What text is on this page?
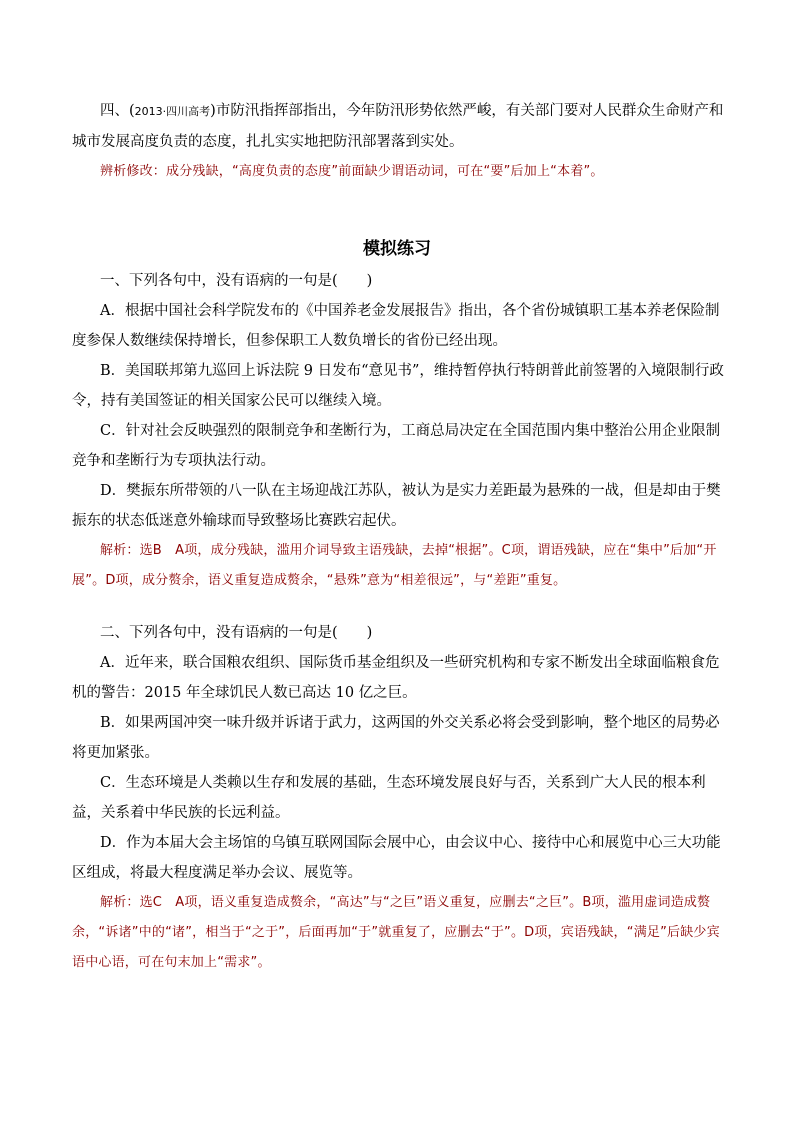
四、(2013·四川高考)市防汛指挥部指出，今年防汛形势依然严峻，有关部门要对人民群众生命财产和城市发展高度负责的态度，扎扎实实地把防汛部署落到实处。

辨析修改：成分残缺，“高度负责的态度”前面缺少谓语动词，可在“要”后加上“本着”。

模拟练习

一、下列各句中，没有语病的一句是(　　)

A．根据中国社会科学院发布的《中国养老金发展报告》指出，各个省份城镇职工基本养老保险制度参保人数继续保持增长，但参保职工人数负增长的省份已经出现。

B．美国联邦第九巡回上诉法院 9 日发布“意见书”，维持暂停执行特朗普此前签署的入境限制行政令，持有美国签证的相关国家公民可以继续入境。

C．针对社会反映强烈的限制竞争和垄断行为，工商总局决定在全国范围内集中整治公用企业限制竞争和垄断行为专项执法行动。

D．樊振东所带领的八一队在主场迎战江苏队，被认为是实力差距最为悬殊的一战，但是却由于樊振东的状态低迷意外输球而导致整场比赛跌宕起伏。

解析：选B　A项，成分残缺，滥用介词导致主语残缺，去掉“根据”。C项，谓语残缺，应在“集中”后加“开展”。D项，成分赘余，语义重复造成赘余，“悬殊”意为“相差很远”，与“差距”重复。

二、下列各句中，没有语病的一句是(　　)

A．近年来，联合国粮农组织、国际货币基金组织及一些研究机构和专家不断发出全球面临粮食危机的警告：2015 年全球饥民人数已高达 10 亿之巨。

B．如果两国冲突一味升级并诉诸于武力，这两国的外交关系必将会受到影响，整个地区的局势必将更加紧张。

C．生态环境是人类赖以生存和发展的基础，生态环境发展良好与否，关系到广大人民的根本利益，关系着中华民族的长远利益。

D．作为本届大会主场馆的乌镇互联网国际会展中心，由会议中心、接待中心和展览中心三大功能区组成，将最大程度满足举办会议、展览等。

解析：选C　A项，语义重复造成赘余，“高达”与“之巨”语义重复，应删去“之巨”。B项，滥用虚词造成赘余，“诉诸”中的“诸”，相当于“之于”，后面再加“于”就重复了，应删去“于”。D项，宾语残缺，“满足”后缺少宾语中心语，可在句末加上“需求”。
